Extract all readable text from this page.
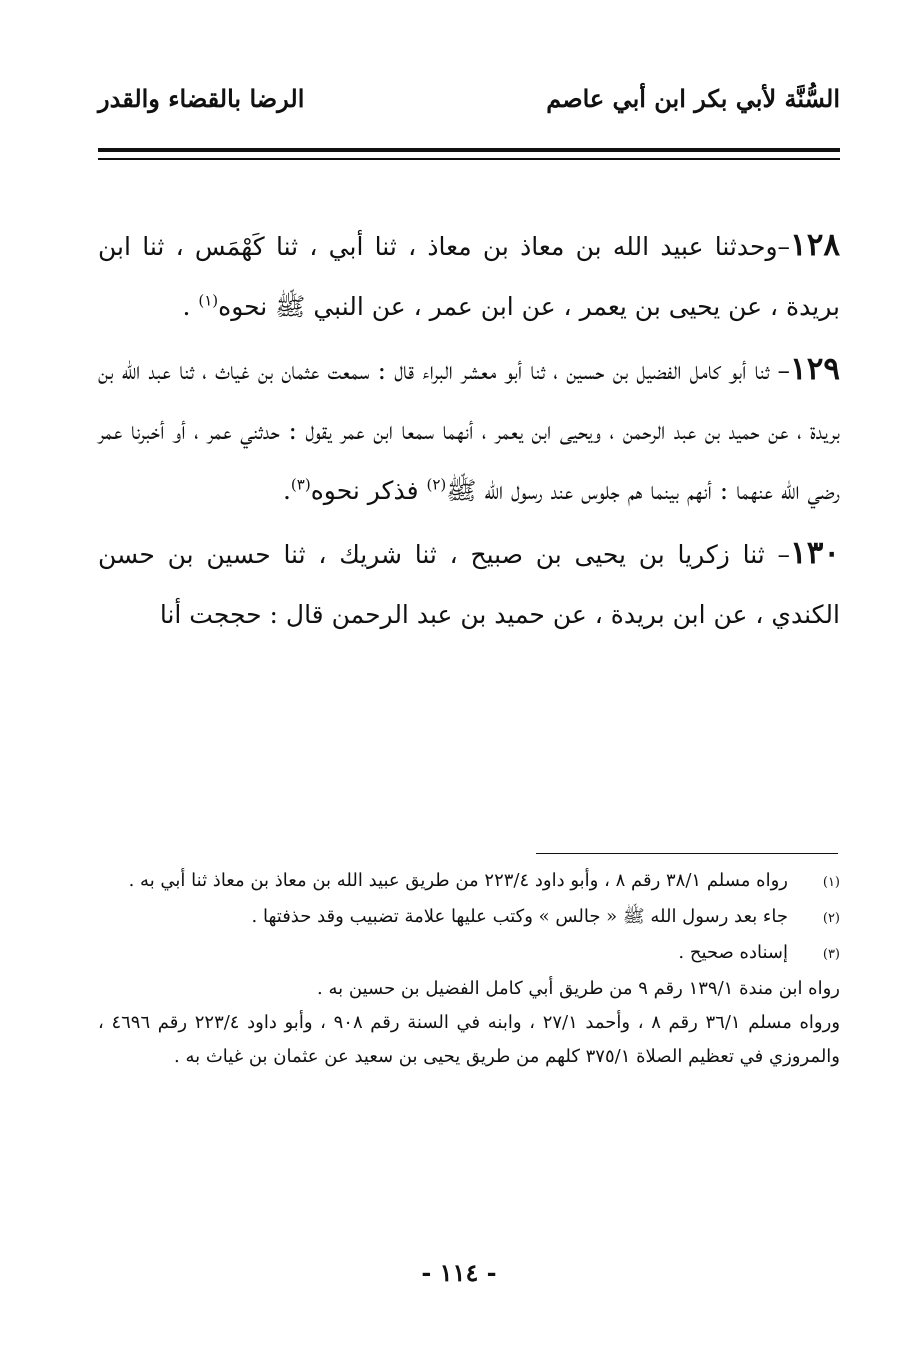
السُّنَّة لأبي بكر ابن أبي عاصم
الرضا بالقضاء والقدر

١٢٨–وحدثنا عبيد الله بن معاذ بن معاذ ، ثنا أبي ، ثنا كَهْمَس ، ثنا ابن بريدة ، عن يحيى بن يعمر ، عن ابن عمر ، عن النبي ﷺ نحوه$^{(١)}$ .

١٢٩– ثنا أبو كامل الفضيل بن حسين ، ثنا أبو معشر البراء قال : سمعت عثمان بن غياث ، ثنا عبد الله بن بريدة ، عن حميد بن عبد الرحمن ، ويحيى ابن يعمر ، أنهما سمعا ابن عمر يقول : حدثني عمر ، أو أخبرنا عمر رضي الله عنهما : أنهم بينما هم جلوس عند رسول الله ﷺ$^{(٢)}$ فذكر نحوه$^{(٣)}$.

١٣٠– ثنا زكريا بن يحيى بن صبيح ، ثنا شريك ، ثنا حسين بن حسن الكندي ، عن ابن بريدة ، عن حميد بن عبد الرحمن قال : حججت أنا

(١)
رواه مسلم ٣٨/١ رقم ٨ ، وأبو داود ٢٢٣/٤ من طريق عبيد الله بن معاذ بن معاذ ثنا أبي به .
(٢)
جاء بعد رسول الله ﷺ « جالس » وكتب عليها علامة تضبيب وقد حذفتها .
(٣)
إسناده صحيح .
رواه ابن مندة ١٣٩/١ رقم ٩ من طريق أبي كامل الفضيل بن حسين به .
ورواه مسلم ٣٦/١ رقم ٨ ، وأحمد ٢٧/١ ، وابنه في السنة رقم ٩٠٨ ، وأبو داود ٢٢٣/٤ رقم ٤٦٩٦ ، والمروزي في تعظيم الصلاة ٣٧٥/١ كلهم من طريق يحيى بن سعيد عن عثمان بن غياث به .
- ١١٤ -
